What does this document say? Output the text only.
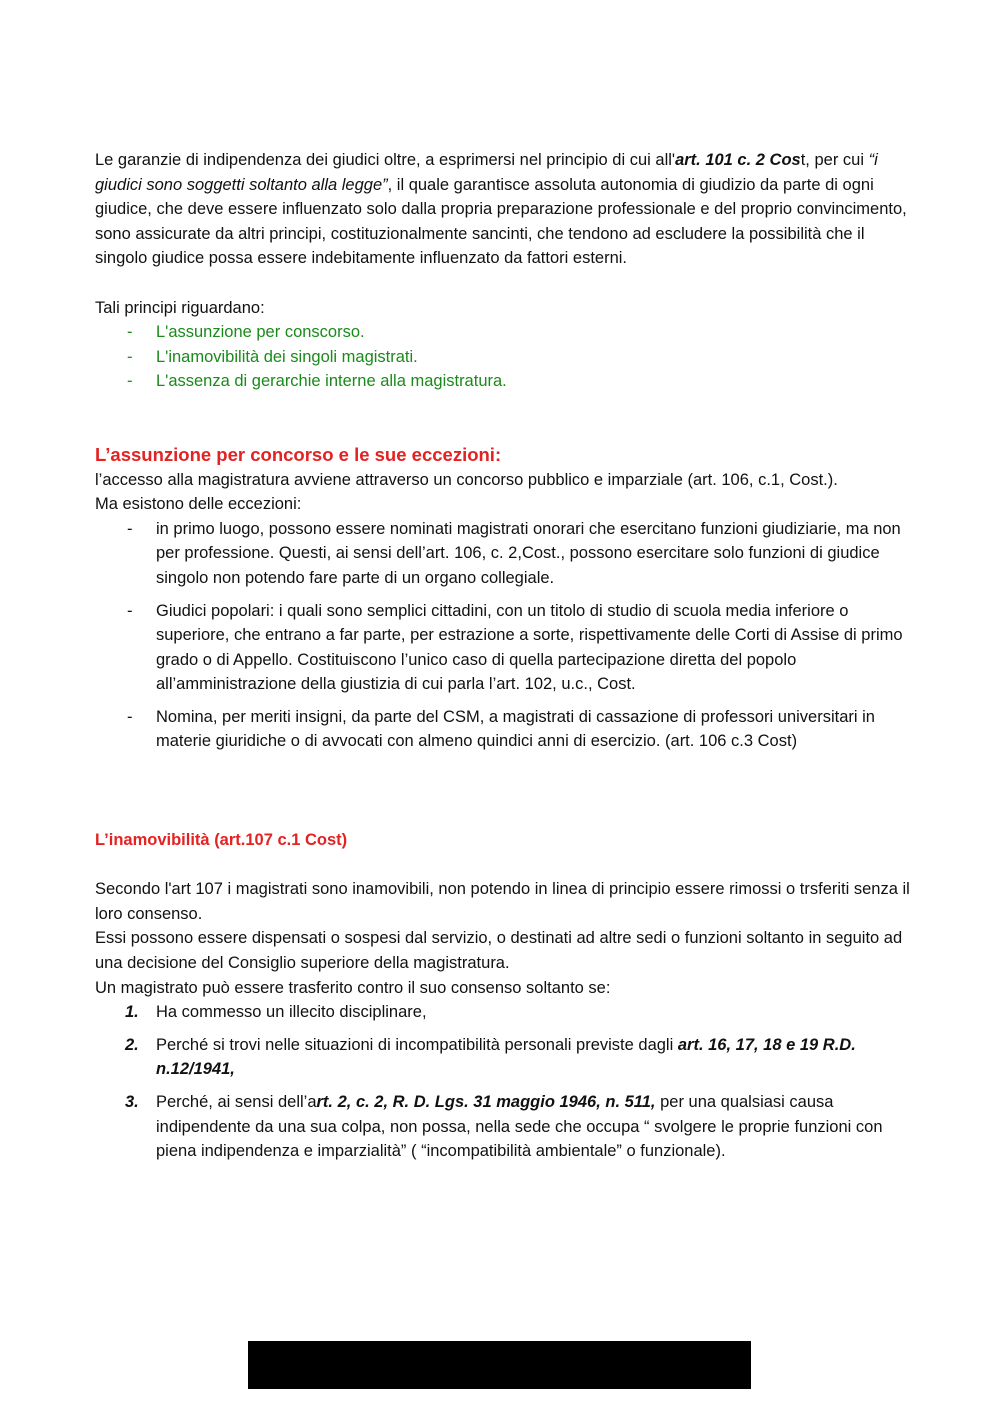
Le garanzie di indipendenza dei giudici oltre, a esprimersi nel principio di cui all'art. 101 c. 2 Cost, per cui “i giudici sono soggetti soltanto alla legge”, il quale garantisce assoluta autonomia di giudizio da parte di ogni giudice, che deve essere influenzato solo dalla propria preparazione professionale e del proprio convincimento, sono assicurate da altri principi, costituzionalmente sancinti, che tendono ad escludere la possibilità che il singolo giudice possa essere indebitamente influenzato da fattori esterni.

Tali principi riguardano:

- L'assunzione per conscorso.
- L'inamovibilità dei singoli magistrati.
- L'assenza di gerarchie interne alla magistratura.

L’assunzione per concorso e le sue eccezioni:

l’accesso alla magistratura avviene attraverso un concorso pubblico e imparziale (art. 106, c.1, Cost.).

Ma esistono delle eccezioni:

- in primo luogo, possono essere nominati magistrati onorari che esercitano funzioni giudiziarie, ma non per professione. Questi, ai sensi dell’art. 106, c. 2,Cost., possono esercitare solo funzioni di giudice singolo non potendo fare parte di un organo collegiale.
- Giudici popolari: i quali sono semplici cittadini, con un titolo di studio di scuola media inferiore o superiore, che entrano a far parte, per estrazione a sorte, rispettivamente delle Corti di Assise di primo grado o di Appello. Costituiscono l’unico caso di quella partecipazione diretta del popolo all’amministrazione della giustizia di cui parla l’art. 102, u.c., Cost.
- Nomina, per meriti insigni, da parte del CSM, a magistrati di cassazione di professori universitari in materie giuridiche o di avvocati con almeno quindici anni di esercizio. (art. 106 c.3 Cost)

L’inamovibilità (art.107 c.1 Cost)

Secondo l'art 107 i magistrati sono inamovibili, non potendo in linea di principio essere rimossi o trsferiti senza il loro consenso.

Essi possono essere dispensati o sospesi dal servizio, o destinati ad altre sedi o funzioni soltanto in seguito ad una decisione del Consiglio superiore della magistratura.

Un magistrato può essere trasferito contro il suo consenso soltanto se:

1. Ha commesso un illecito disciplinare,
2. Perché si trovi nelle situazioni di incompatibilità personali previste dagli art. 16, 17, 18 e 19 R.D. n.12/1941,
3. Perché, ai sensi dell’art. 2, c. 2, R. D. Lgs. 31 maggio 1946, n. 511, per una qualsiasi causa indipendente da una sua colpa, non possa, nella sede che occupa “ svolgere le proprie funzioni con piena indipendenza e imparzialità” ( “incompatibilità ambientale” o funzionale).
